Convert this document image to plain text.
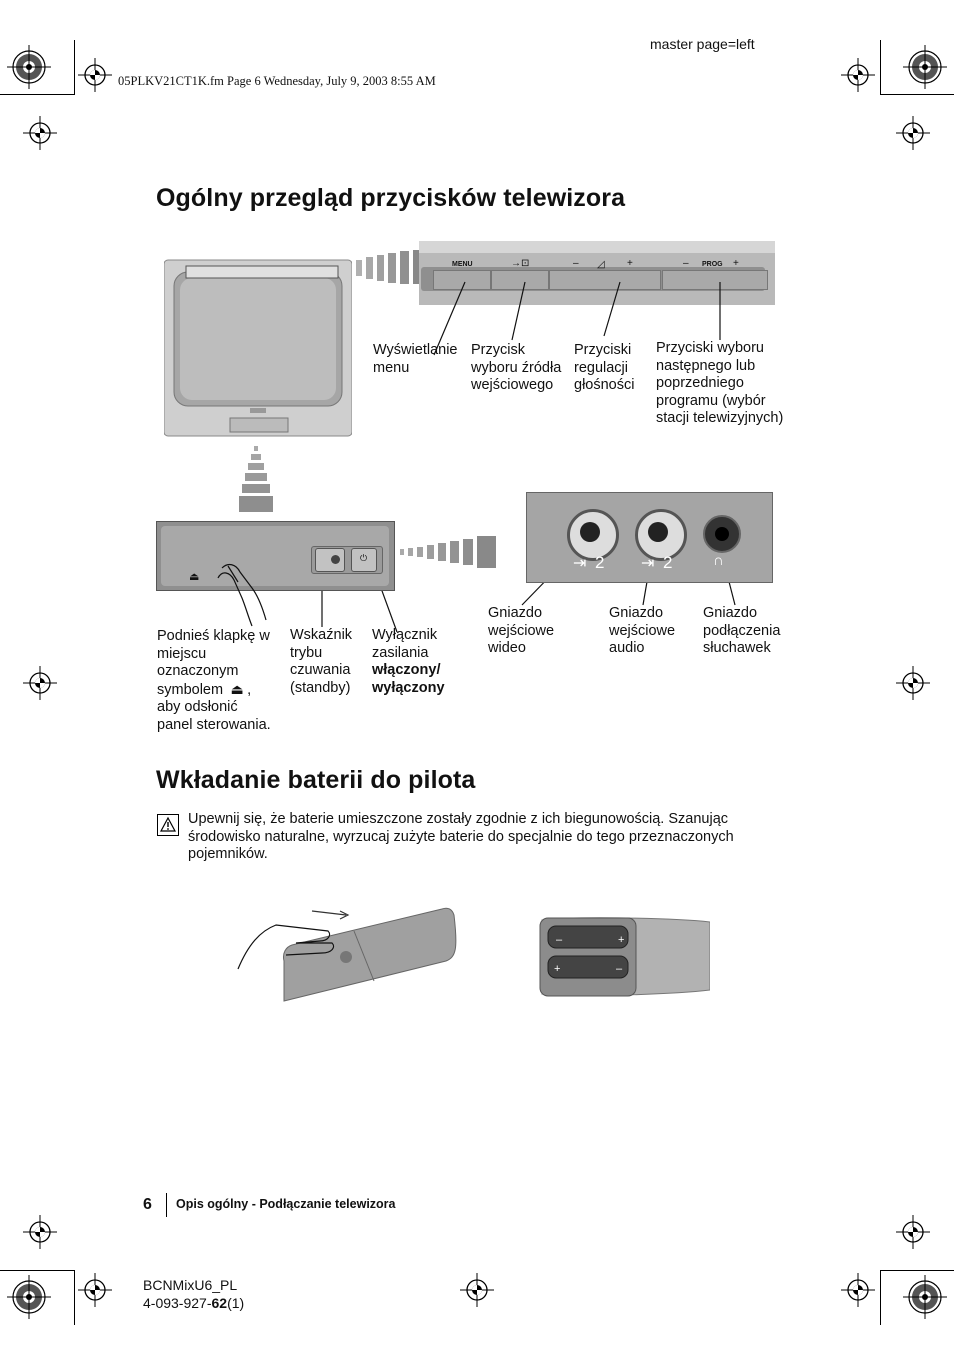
master page=left
05PLKV21CT1K.fm Page 6 Wednesday, July 9, 2003 8:55 AM
Ogólny przegląd przycisków telewizora
MENU	→⊡	– ◿ +	– PROG +
Wyświetlanie
menu
Przycisk
wyboru źródła
wejściowego
Przyciski
regulacji
głośności
Przyciski wyboru
następnego lub
poprzedniego
programu (wybór
stacji telewizyjnych)
⏻
⏏
⇥ 2 ⇥ 2	∩
Gniazdo
wejściowe
wideo
Gniazdo
wejściowe
audio
Gniazdo
podłączenia
słuchawek
Podnieś klapkę w
miejscu
oznaczonym
symbolem ⏏ ,
aby odsłonić
panel sterowania.
Wskaźnik
trybu
czuwania
(standby)
Wyłącznik
zasilania
włączony/
wyłączony
Wkładanie baterii do pilota
Upewnij się, że baterie umieszczone zostały zgodnie z ich biegunowością. Szanując
środowisko naturalne, wyrzucaj zużyte baterie do specjalnie do tego przeznaczonych
pojemników.
–	+
+	–
6 Opis ogólny - Podłączanie telewizora
BCNMixU6_PL
4-093-927-62(1)
